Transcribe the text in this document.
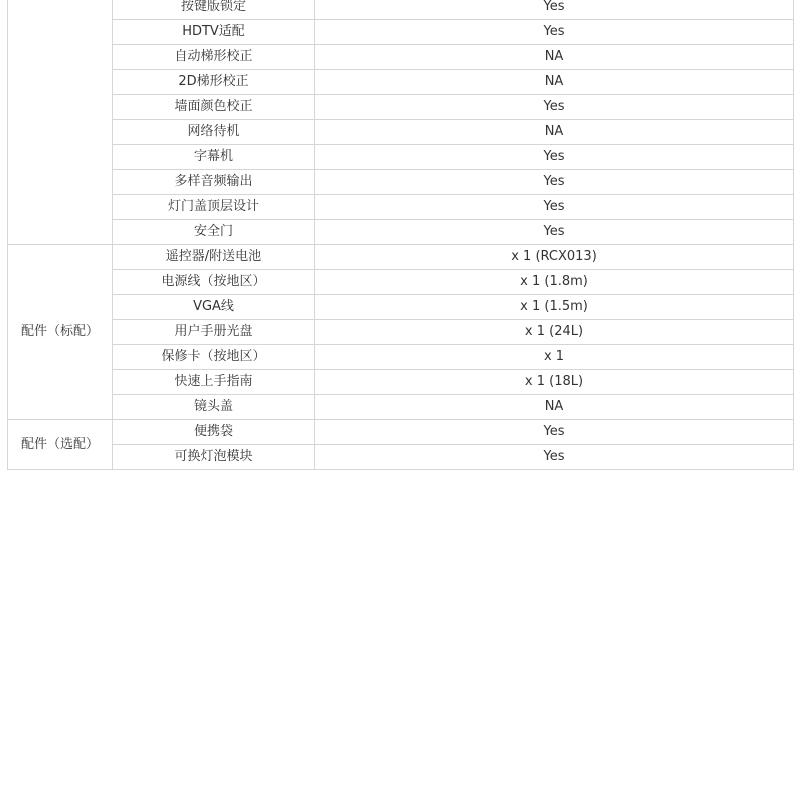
	按键版锁定	Yes
	HDTV适配	Yes
	自动梯形校正	NA
	2D梯形校正	NA
	墙面颜色校正	Yes
	网络待机	NA
	字幕机	Yes
	多样音频输出	Yes
	灯门盖顶层设计	Yes
	安全门	Yes
配件（标配）	遥控器/附送电池	x 1 (RCX013)
	电源线（按地区）	x 1 (1.8m)
	VGA线	x 1 (1.5m)
	用户手册光盘	x 1 (24L)
	保修卡（按地区）	x 1
	快速上手指南	x 1 (18L)
	镜头盖	NA
配件（选配）	便携袋	Yes
	可换灯泡模块	Yes
